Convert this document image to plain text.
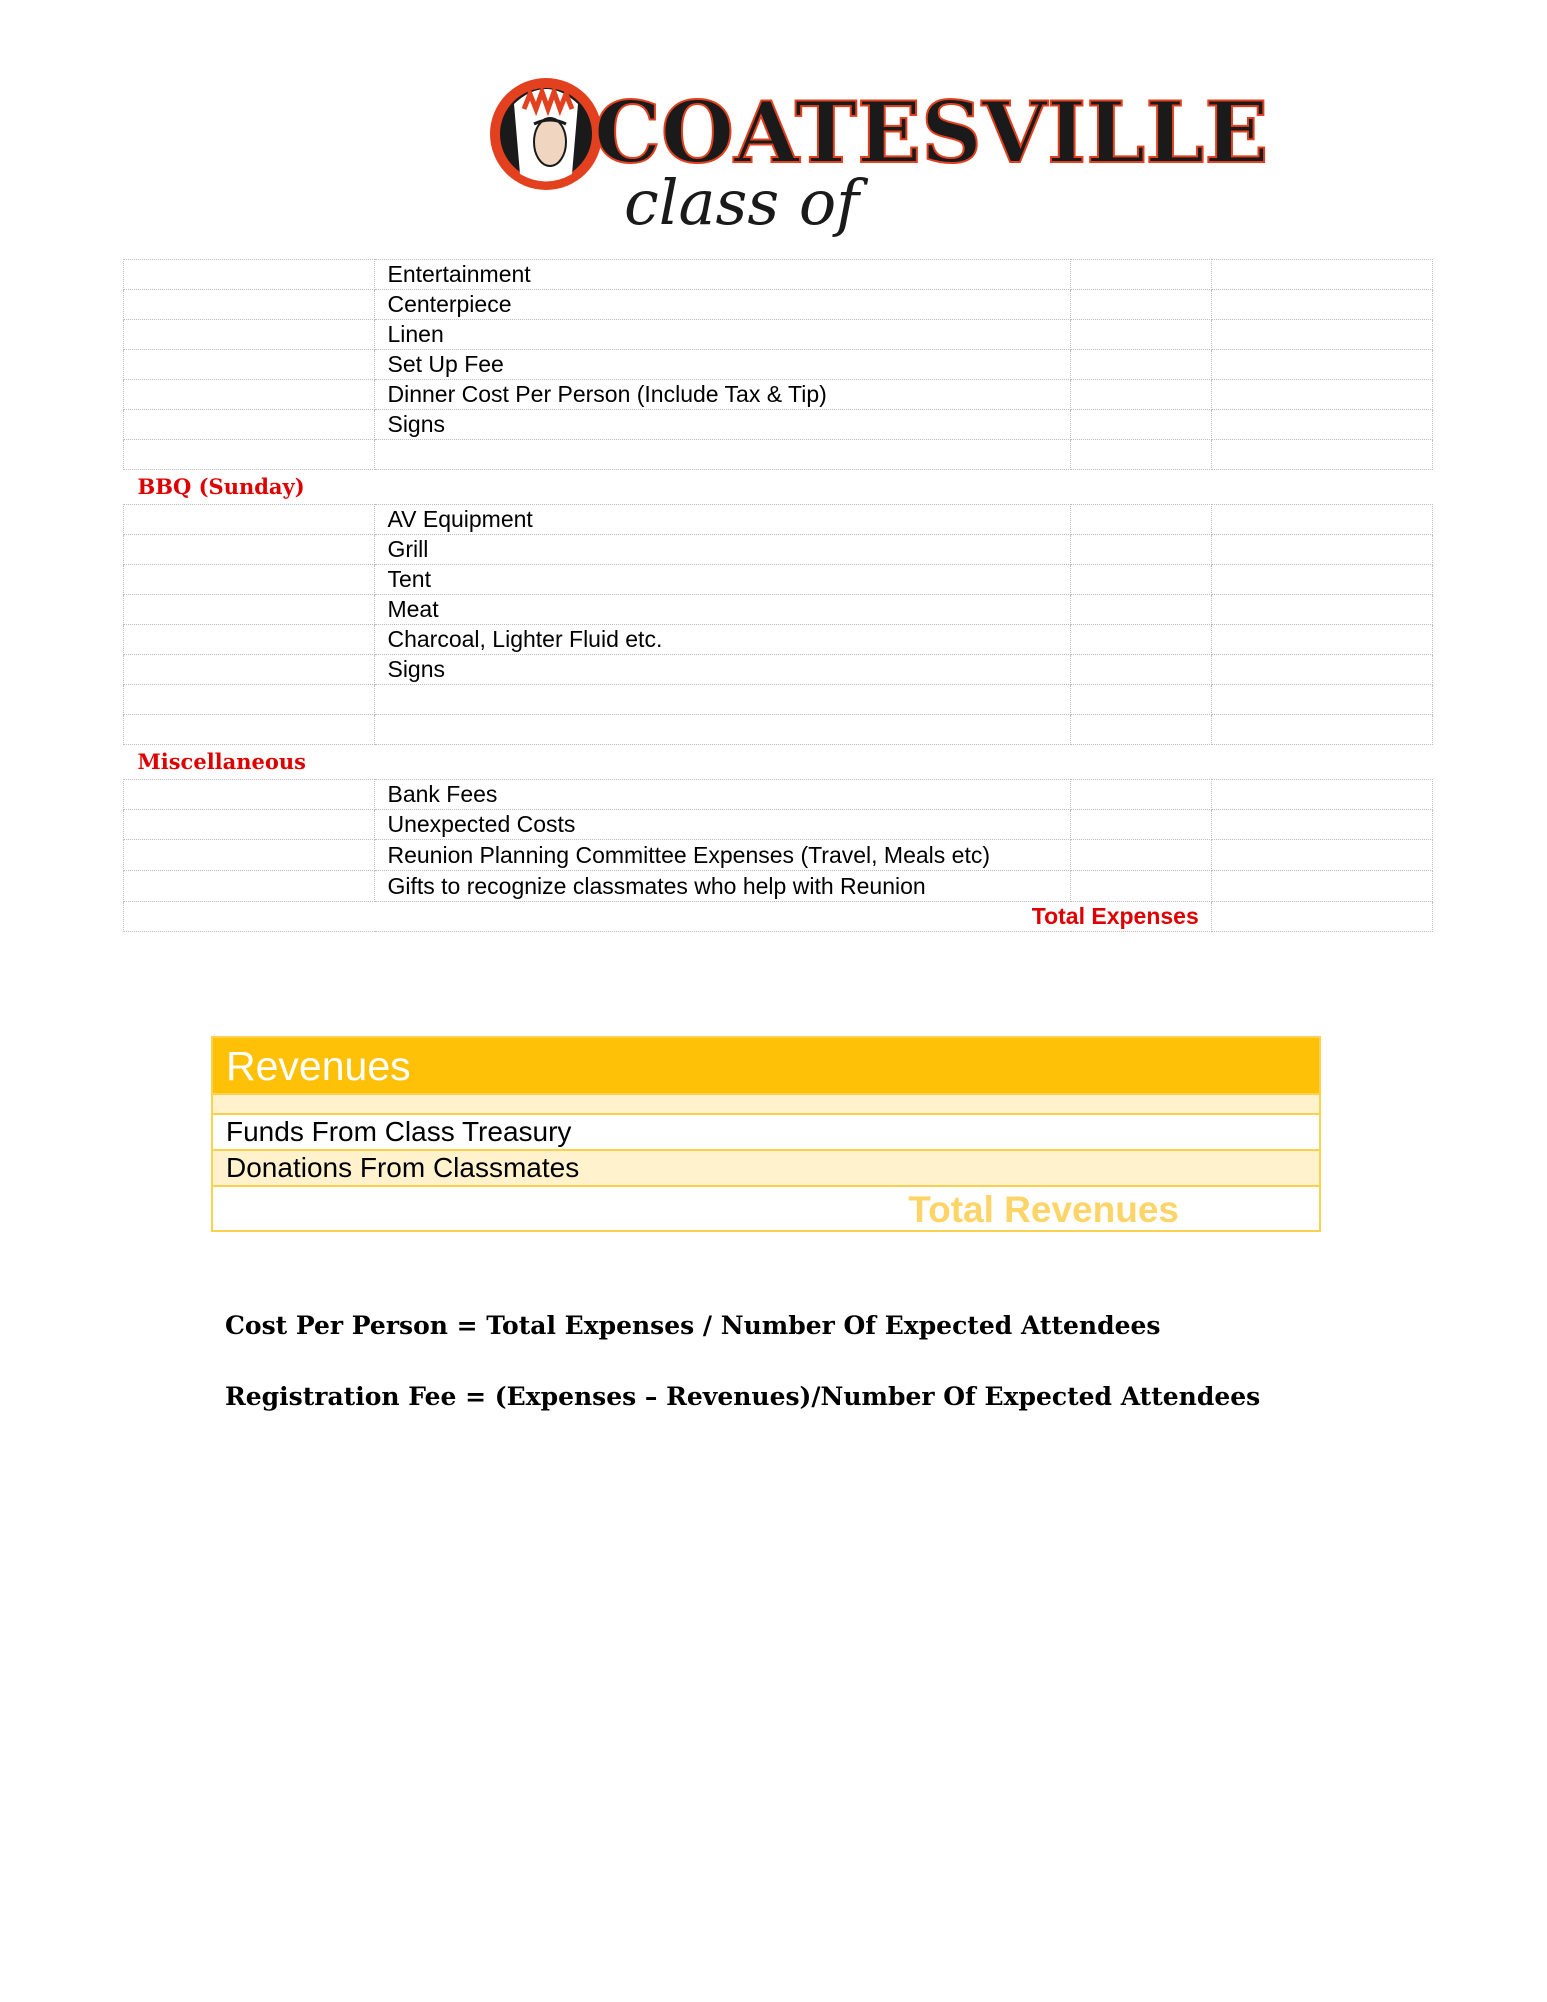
COATESVILLE
class of
	Entertainment		
	Centerpiece		
	Linen		
	Set Up Fee		
	Dinner Cost Per Person (Include Tax & Tip)		
	Signs		

BBQ (Sunday)			
	AV Equipment		
	Grill		
	Tent		
	Meat		
	Charcoal, Lighter Fluid etc.		
	Signs		

Miscellaneous			
	Bank Fees		
	Unexpected Costs		
	Reunion Planning Committee Expenses (Travel, Meals etc)		
	Gifts to recognize classmates who help with Reunion		
	Total Expenses		
Revenues
Funds From Class Treasury
Donations From Classmates
Total Revenues
Cost Per Person = Total Expenses / Number Of Expected Attendees
Registration Fee = (Expenses – Revenues)/Number Of Expected Attendees
